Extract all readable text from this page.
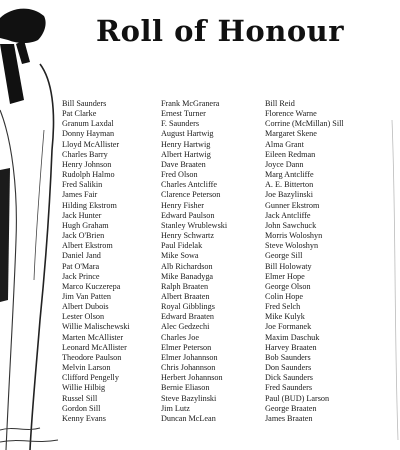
Roll of Honour
Bill Saunders
Pat Clarke
Granum Laxdal
Donny Hayman
Lloyd McAllister
Charles Barry
Henry Johnson
Rudolph Halmo
Fred Salikin
James Fair
Hilding Ekstrom
Jack Hunter
Hugh Graham
Jack O'Brien
Albert Ekstrom
Daniel Jand
Pat O'Mara
Jack Prince
Marco Kuczerepa
Jim Van Patten
Albert Dubois
Lester Olson
Willie Malischewski
Marten McAllister
Leonard McAllister
Theodore Paulson
Melvin Larson
Clifford Pengelly
Willie Hilbig
Russel Sill
Gordon Sill
Kenny Evans
Frank McGranera
Ernest Turner
F. Saunders
August Hartwig
Henry Hartwig
Albert Hartwig
Dave Braaten
Fred Olson
Charles Antcliffe
Clarence Peterson
Henry Fisher
Edward Paulson
Stanley Wrublewski
Henry Schwartz
Paul Fidelak
Mike Sowa
Alb Richardson
Mike Banadyga
Ralph Braaten
Albert Braaten
Royal Gibblings
Edward Braaten
Alec Gedzechi
Charles Joe
Elmer Peterson
Elmer Johannson
Chris Johannson
Herbert Johannson
Bernie Eliason
Steve Bazylinski
Jim Lutz
Duncan McLean
Bill Reid
Florence Warne
Corrine (McMillan) Sill
Margaret Skene
Alma Grant
Eileen Redman
Joyce Dann
Marg Antcliffe
A. E. Bitterton
Joe Bazylinski
Gunner Ekstrom
Jack Antcliffe
John Sawchuck
Morris Woloshyn
Steve Woloshyn
George Sill
Bill Holowaty
Elmer Hope
George Olson
Colin Hope
Fred Selch
Mike Kulyk
Joe Formanek
Maxim Daschuk
Harvey Braaten
Bob Saunders
Don Saunders
Dick Saunders
Fred Saunders
Paul (BUD) Larson
George Braaten
James Braaten
